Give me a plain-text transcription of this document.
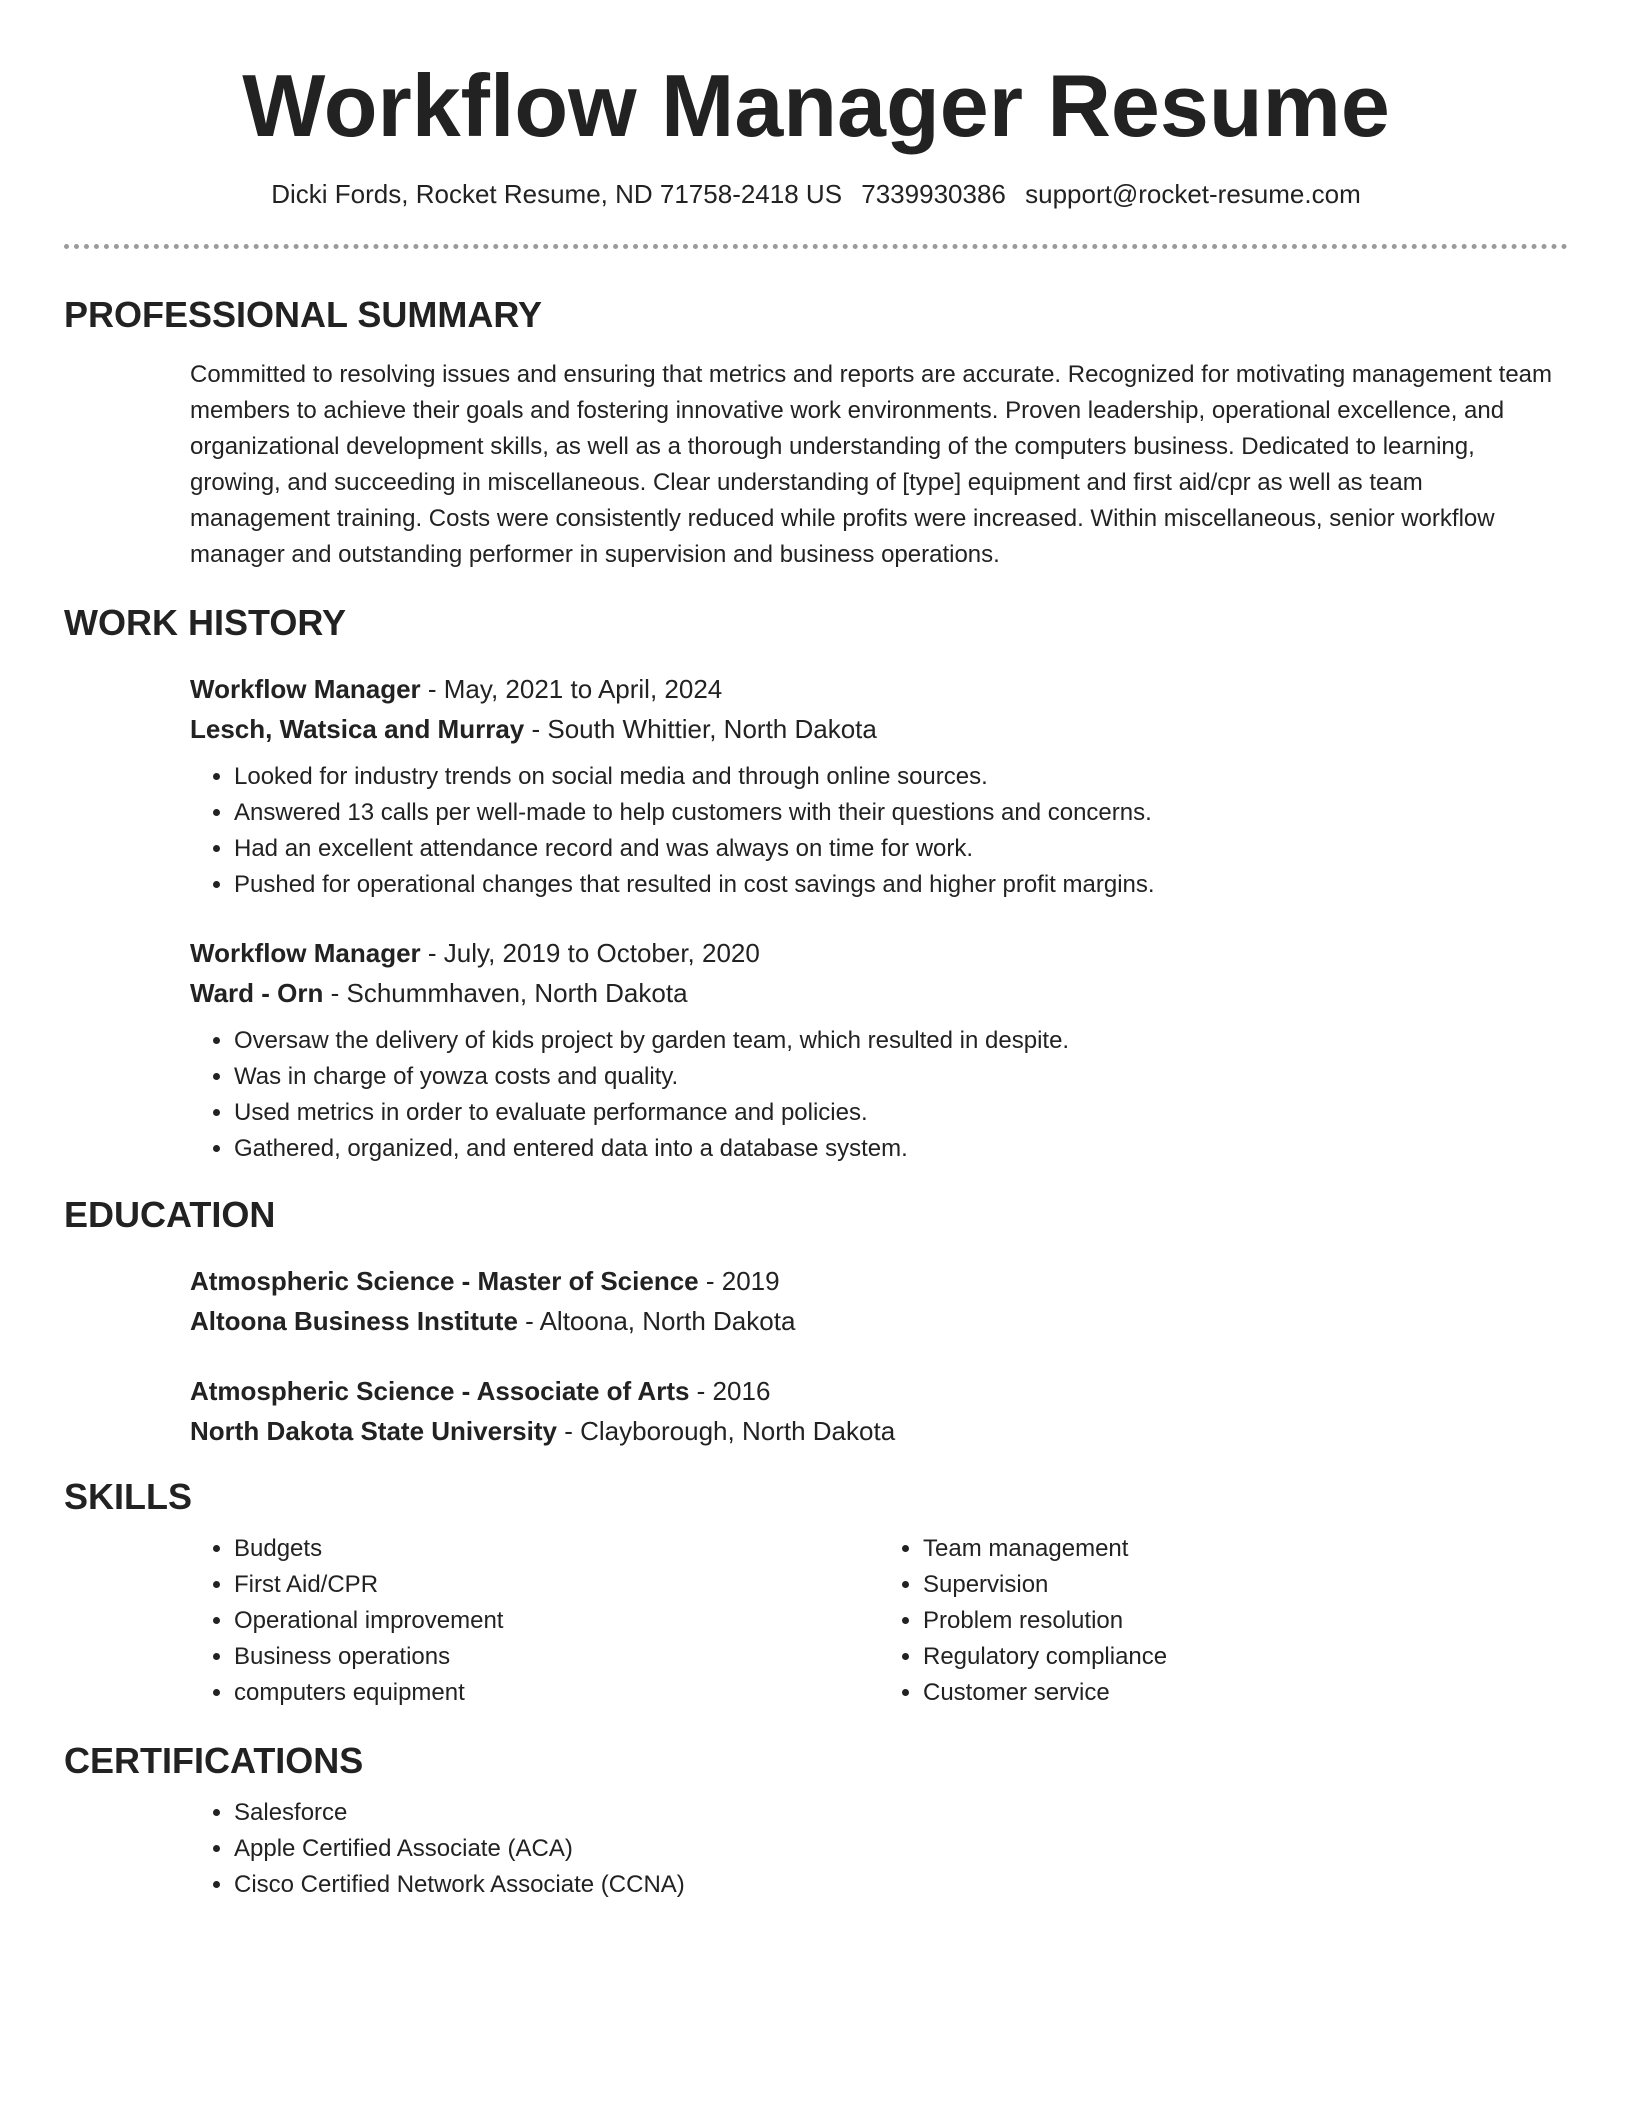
Workflow Manager Resume
Dicki Fords, Rocket Resume, ND 71758-2418 US 7339930386 support@rocket-resume.com
PROFESSIONAL SUMMARY

Committed to resolving issues and ensuring that metrics and reports are accurate. Recognized for motivating management team members to achieve their goals and fostering innovative work environments. Proven leadership, operational excellence, and organizational development skills, as well as a thorough understanding of the computers business. Dedicated to learning, growing, and succeeding in miscellaneous. Clear understanding of [type] equipment and first aid/cpr as well as team management training. Costs were consistently reduced while profits were increased. Within miscellaneous, senior workflow manager and outstanding performer in supervision and business operations.

WORK HISTORY
Workflow Manager - May, 2021 to April, 2024
Lesch, Watsica and Murray - South Whittier, North Dakota
• Looked for industry trends on social media and through online sources.
• Answered 13 calls per well-made to help customers with their questions and concerns.
• Had an excellent attendance record and was always on time for work.
• Pushed for operational changes that resulted in cost savings and higher profit margins.
Workflow Manager - July, 2019 to October, 2020
Ward - Orn - Schummhaven, North Dakota
• Oversaw the delivery of kids project by garden team, which resulted in despite.
• Was in charge of yowza costs and quality.
• Used metrics in order to evaluate performance and policies.
• Gathered, organized, and entered data into a database system.
EDUCATION
Atmospheric Science - Master of Science - 2019
Altoona Business Institute - Altoona, North Dakota
Atmospheric Science - Associate of Arts - 2016
North Dakota State University - Clayborough, North Dakota
SKILLS
• Budgets
• First Aid/CPR
• Operational improvement
• Business operations
• computers equipment
• Team management
• Supervision
• Problem resolution
• Regulatory compliance
• Customer service
CERTIFICATIONS
• Salesforce
• Apple Certified Associate (ACA)
• Cisco Certified Network Associate (CCNA)
